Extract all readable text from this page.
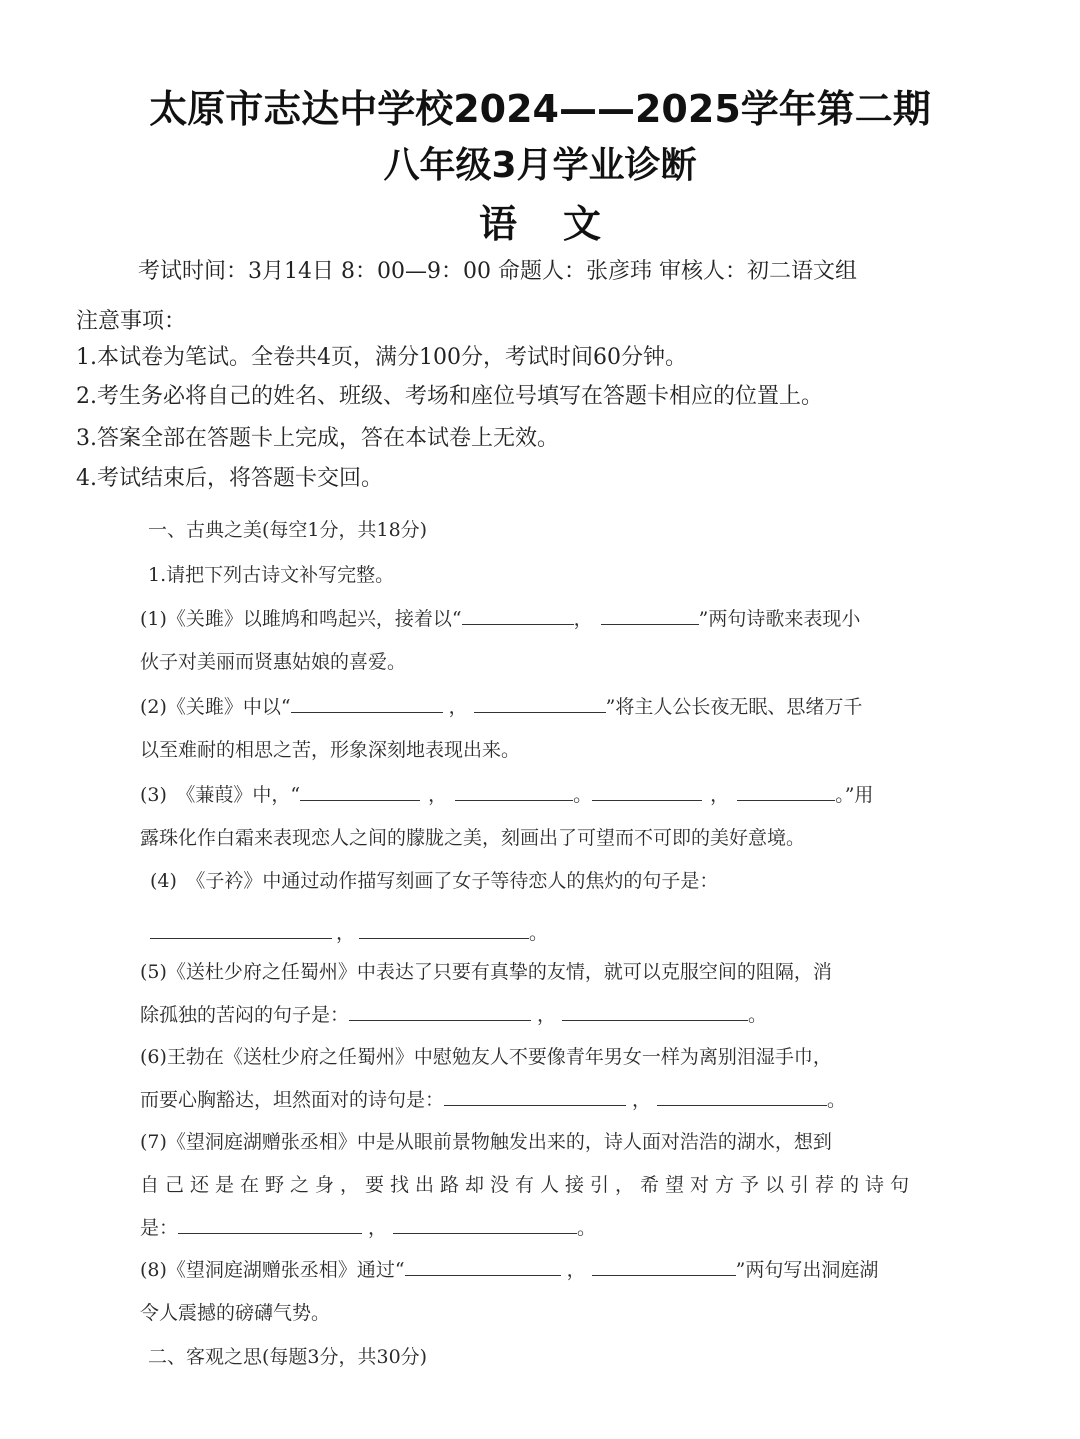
太原市志达中学校2024——2025学年第二期
八年级3月学业诊断
语文
考试时间：3月14日 8：00—9：00 命题人：张彦玮 审核人：初二语文组
注意事项：
1.本试卷为笔试。全卷共4页，满分100分，考试时间60分钟。
2.考生务必将自己的姓名、班级、考场和座位号填写在答题卡相应的位置上。
3.答案全部在答题卡上完成，答在本试卷上无效。
4.考试结束后，将答题卡交回。
一、古典之美(每空1分，共18分)
1.请把下列古诗文补写完整。
(1)《关雎》以雎鸠和鸣起兴，接着以“	，	”两句诗歌来表现小
伙子对美丽而贤惠姑娘的喜爱。
(2)《关雎》中以“	，	”将主人公长夜无眠、思绪万千
以至难耐的相思之苦，形象深刻地表现出来。
(3)　《蒹葭》中，“	，	。	，	。”用
露珠化作白霜来表现恋人之间的朦胧之美，刻画出了可望而不可即的美好意境。
(4)　《子衿》中通过动作描写刻画了女子等待恋人的焦灼的句子是：
，	。
(5)《送杜少府之任蜀州》中表达了只要有真挚的友情，就可以克服空间的阻隔，消
除孤独的苦闷的句子是：	，	。
(6)王勃在《送杜少府之任蜀州》中慰勉友人不要像青年男女一样为离别泪湿手巾，
而要心胸豁达，坦然面对的诗句是：	，	。
(7)《望洞庭湖赠张丞相》中是从眼前景物触发出来的，诗人面对浩浩的湖水，想到
自己还是在野之身，要找出路却没有人接引，希望对方予以引荐的诗句
是：	，	。
(8)《望洞庭湖赠张丞相》通过“	，	”两句写出洞庭湖
令人震撼的磅礴气势。
二、客观之思(每题3分，共30分)
